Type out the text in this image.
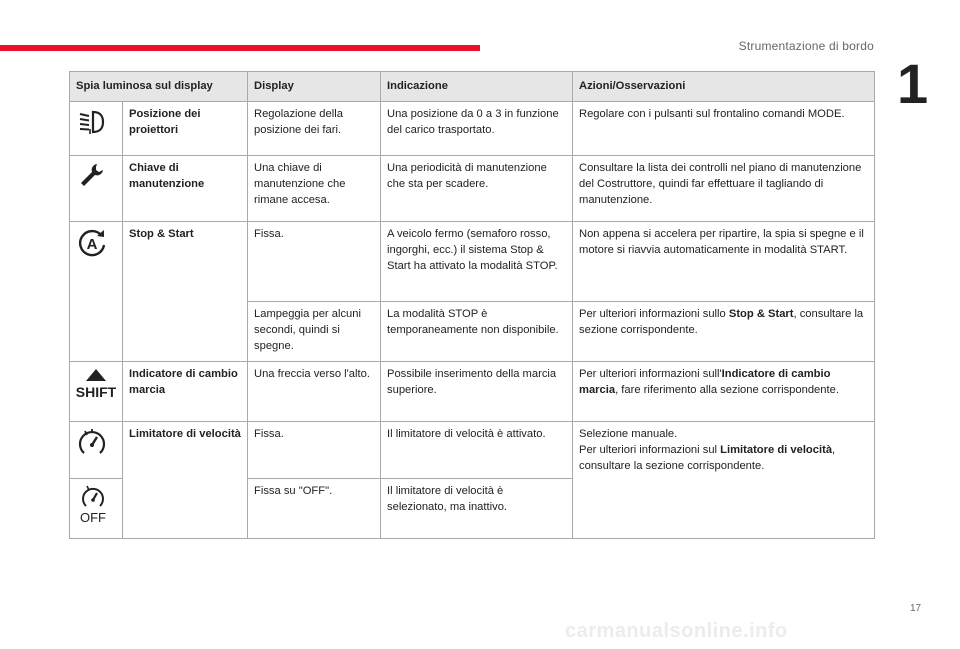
Strumentazione di bordo
1
Spia luminosa sul display		Display	Indicazione	Azioni/Osservazioni
	Posizione dei proiettori	Regolazione della posizione dei fari.	Una posizione da 0 a 3 in funzione del carico trasportato.	Regolare con i pulsanti sul frontalino comandi MODE.
	Chiave di manutenzione	Una chiave di manutenzione che rimane accesa.	Una periodicità di manutenzione che sta per scadere.	Consultare la lista dei controlli nel piano di manutenzione del Costruttore, quindi far effettuare il tagliando di manutenzione.

A	Stop & Start	Fissa.	A veicolo fermo (semaforo rosso, ingorghi, ecc.) il sistema Stop & Start ha attivato la modalità STOP.	Non appena si accelera per ripartire, la spia si spegne e il motore si riavvia automaticamente in modalità START.
		Lampeggia per alcuni secondi, quindi si spegne.	La modalità STOP è temporaneamente non disponibile.	Per ulteriori informazioni sullo Stop & Start, consultare la sezione corrispondente.

SHIFT	Indicatore di cambio marcia	Una freccia verso l'alto.	Possibile inserimento della marcia superiore.	Per ulteriori informazioni sull'Indicatore di cambio marcia, fare riferimento alla sezione corrispondente.
	Limitatore di velocità	Fissa.	Il limitatore di velocità è attivato.	Selezione manuale.
Per ulteriori informazioni sul Limitatore di velocità, consultare la sezione corrispondente.

OFF		Fissa su "OFF".	Il limitatore di velocità è selezionato, ma inattivo.	
17
carmanualsonline.info
